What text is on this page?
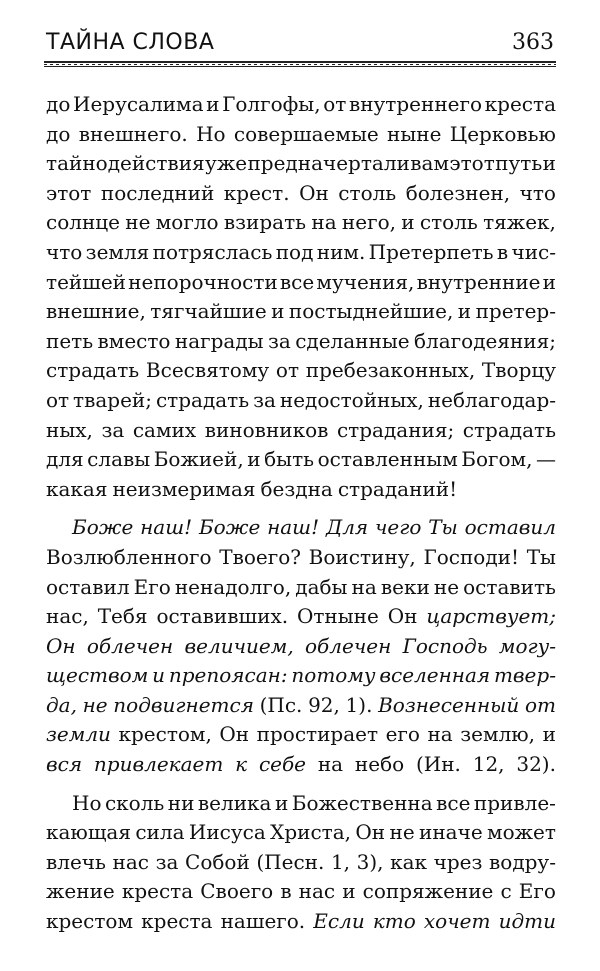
ТАЙНА СЛОВА	363
до Иерусалима и Голгофы, от внутреннего креста
до внешнего. Но совершаемые ныне Церковью
тайнодействия уже предначертали вам этот путь и
этот последний крест. Он столь болезнен, что
солнце не могло взирать на него, и столь тяжек,
что земля потряслась под ним. Претерпеть в чис-
тейшей непорочности все мучения, внутренние и
внешние, тягчайшие и постыднейшие, и претер-
петь вместо награды за сделанные благодеяния;
страдать Всесвятому от пребезаконных, Творцу
от тварей; страдать за недостойных, неблагодар-
ных, за самих виновников страдания; страдать
для славы Божией, и быть оставленным Богом, —
какая неизмеримая бездна страданий!
Боже наш! Боже наш! Для чего Ты оставил
Возлюбленного Твоего? Воистину, Господи! Ты
оставил Его ненадолго, дабы на веки не оставить
нас, Тебя оставивших. Отныне Он царствует;
Он облечен величием, облечен Господь могу-
ществом и препоясан: потому вселенная твер-
да, не подвигнется (Пс. 92, 1). Вознесенный от
земли крестом, Он простирает его на землю, и
вся привлекает к себе на небо (Ин. 12, 32).
Но сколь ни велика и Божественна все привле-
кающая сила Иисуса Христа, Он не иначе может
влечь нас за Собой (Песн. 1, 3), как чрез водру-
жение креста Своего в нас и сопряжение с Его
крестом креста нашего. Если кто хочет идти
